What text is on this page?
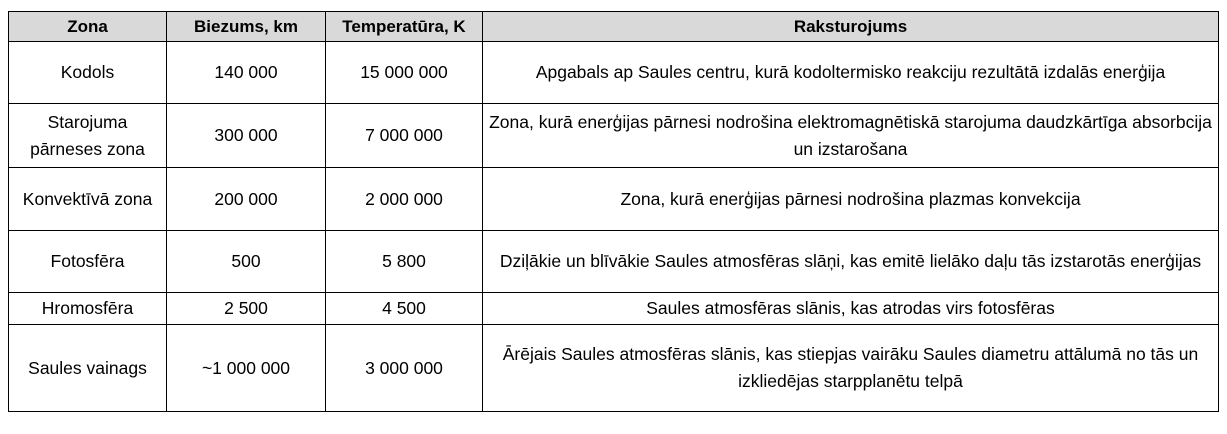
Zona	Biezums, km	Temperatūra, K	Raksturojums
Kodols	140 000	15 000 000	Apgabals ap Saules centru, kurā kodoltermisko reakciju rezultātā izdalās enerģija
Starojuma pārneses zona	300 000	7 000 000	Zona, kurā enerģijas pārnesi nodrošina elektromagnētiskā starojuma daudzkārtīga absorbcija un izstarošana
Konvektīvā zona	200 000	2 000 000	Zona, kurā enerģijas pārnesi nodrošina plazmas konvekcija
Fotosfēra	500	5 800	Dziļākie un blīvākie Saules atmosfēras slāņi, kas emitē lielāko daļu tās izstarotās enerģijas
Hromosfēra	2 500	4 500	Saules atmosfēras slānis, kas atrodas virs fotosfēras
Saules vainags	~1 000 000	3 000 000	Ārējais Saules atmosfēras slānis, kas stiepjas vairāku Saules diametru attālumā no tās un izkliedējas starpplanētu telpā
